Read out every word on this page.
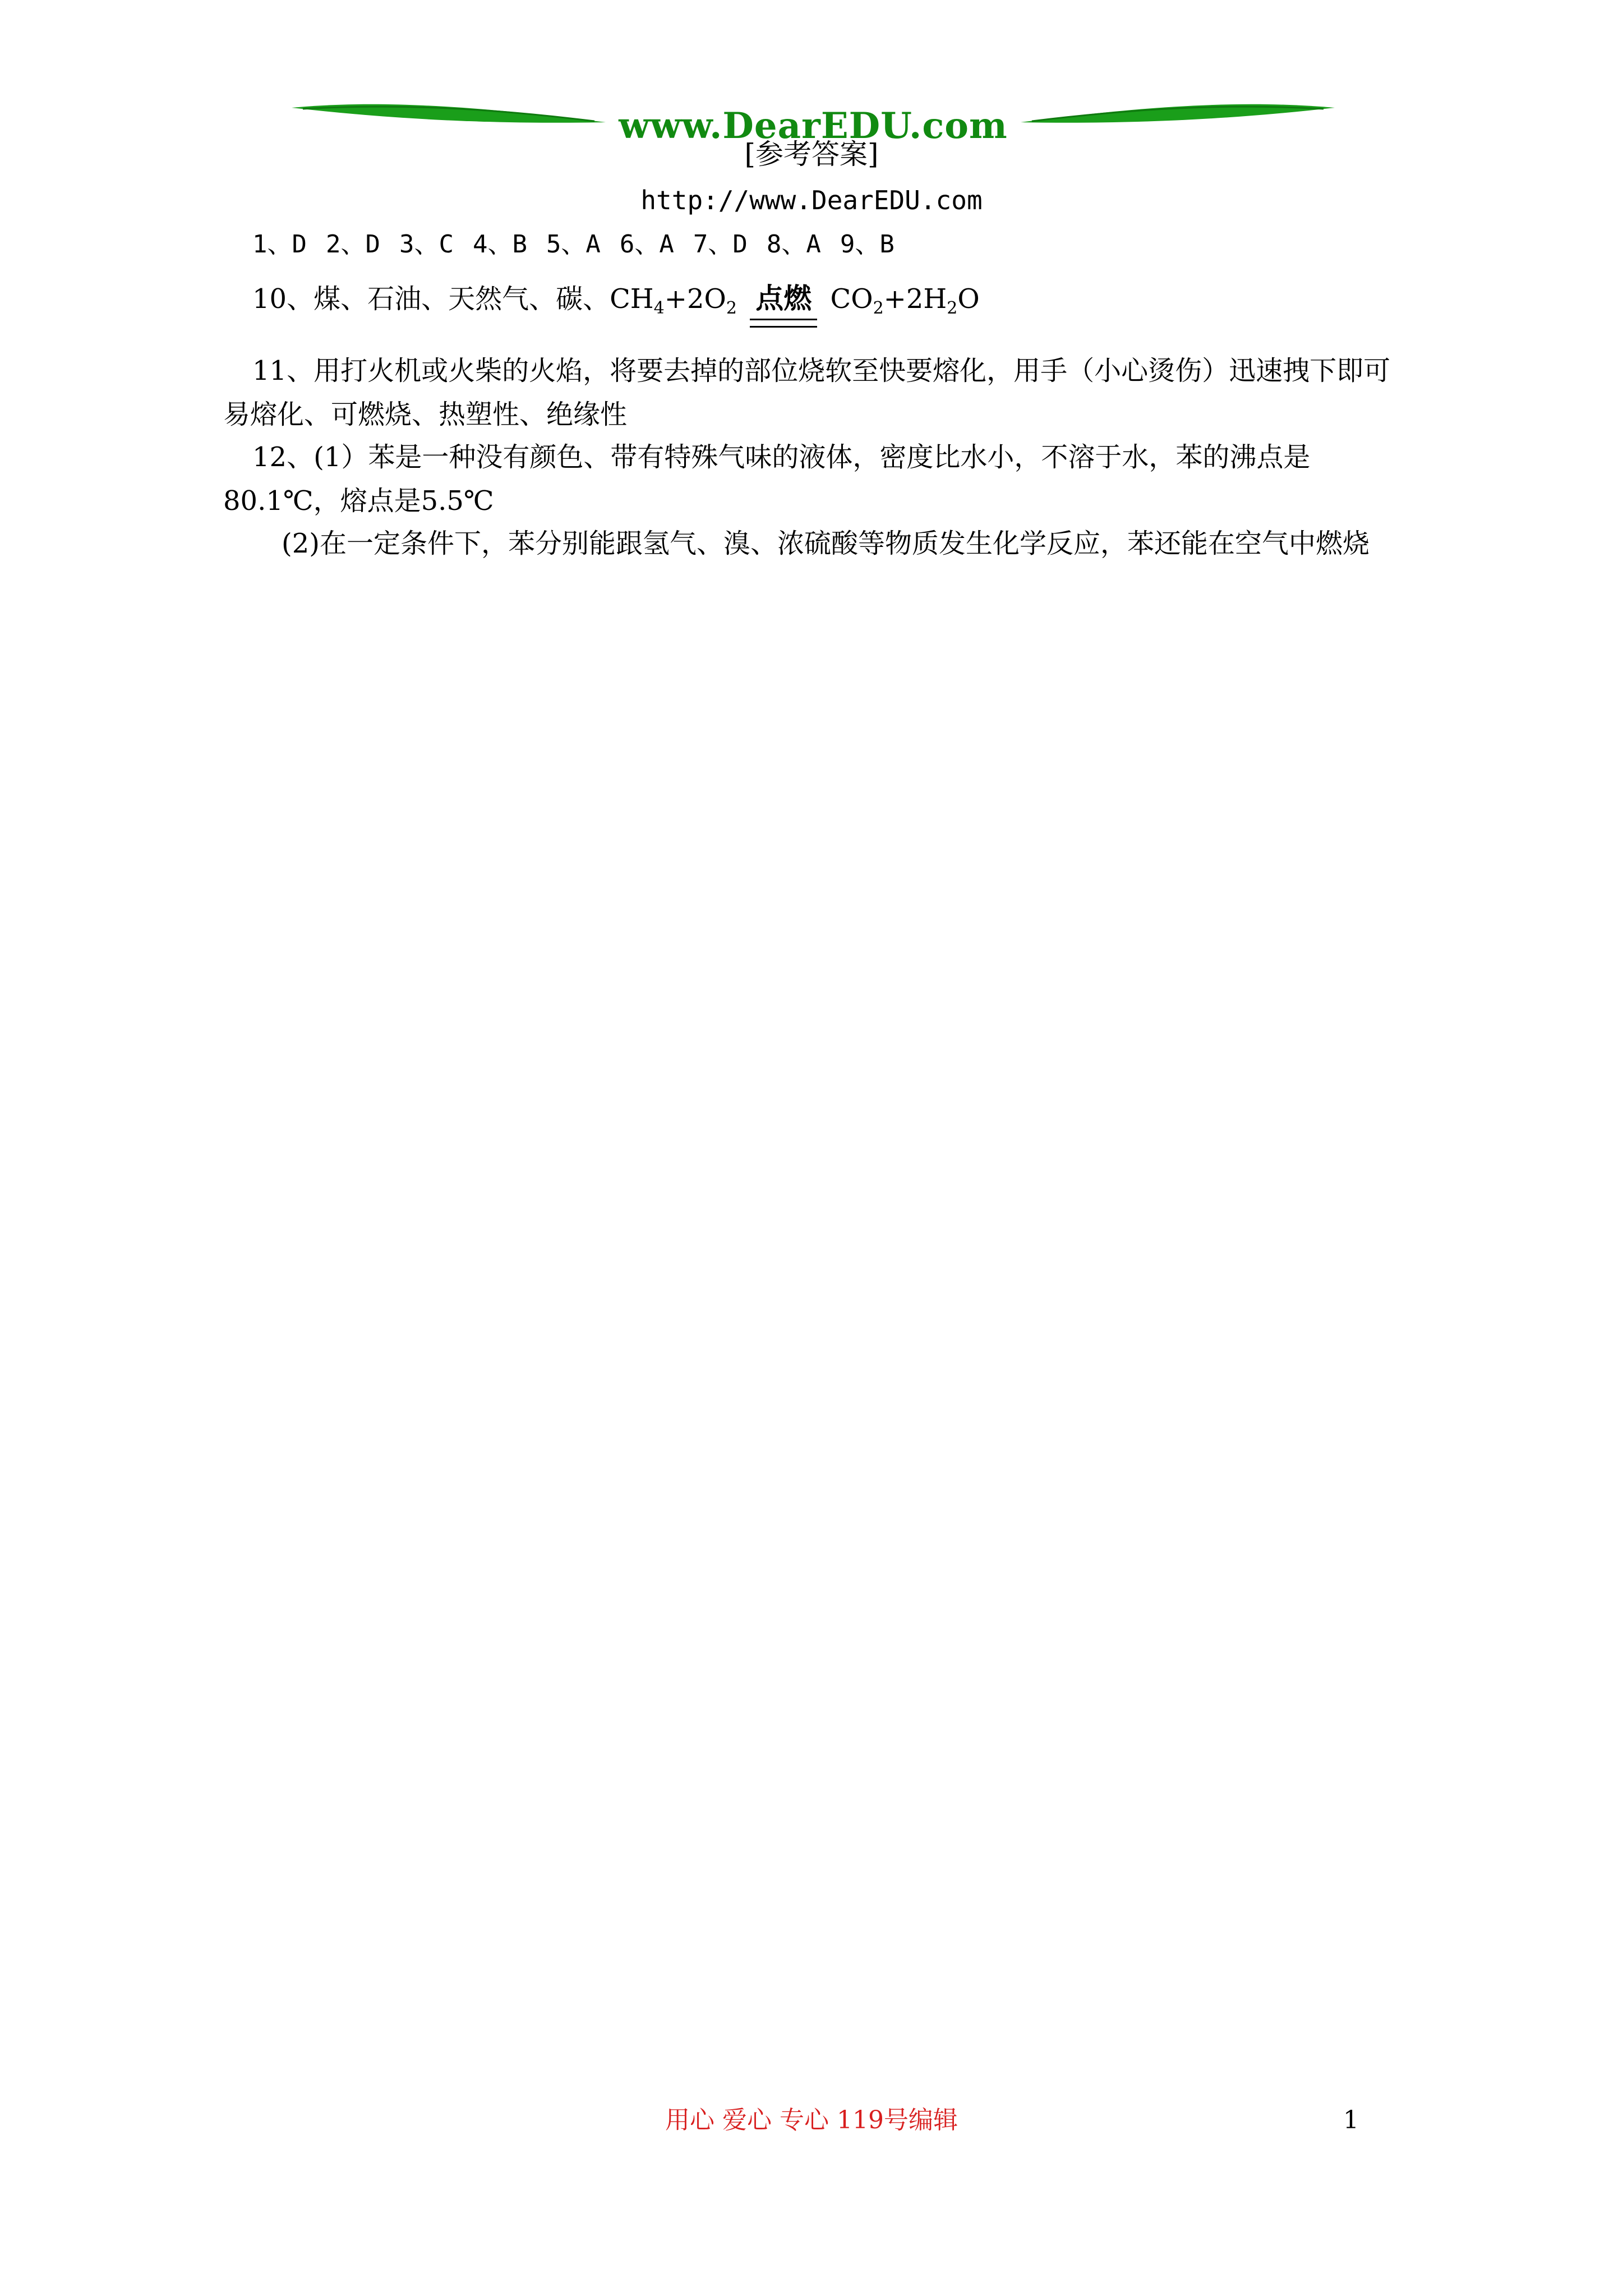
www.DearEDU.com
[参考答案]
http://www.DearEDU.com
1、D 2、D 3、C 4、B 5、A 6、A 7、D 8、A 9、B
10、煤、石油、天然气、碳、$CH_4+2O_2$ 点燃 $CO_2+2H_2O$
11、用打火机或火柴的火焰，将要去掉的部位烧软至快要熔化，用手（小心烫伤）迅速拽下即可　易熔化、可燃烧、热塑性、绝缘性
12、(1）苯是一种没有颜色、带有特殊气味的液体，密度比水小，不溶于水，苯的沸点是80.1℃，熔点是5.5℃
(2)在一定条件下，苯分别能跟氢气、溴、浓硫酸等物质发生化学反应，苯还能在空气中燃烧
用心 爱心 专心 119号编辑	1
